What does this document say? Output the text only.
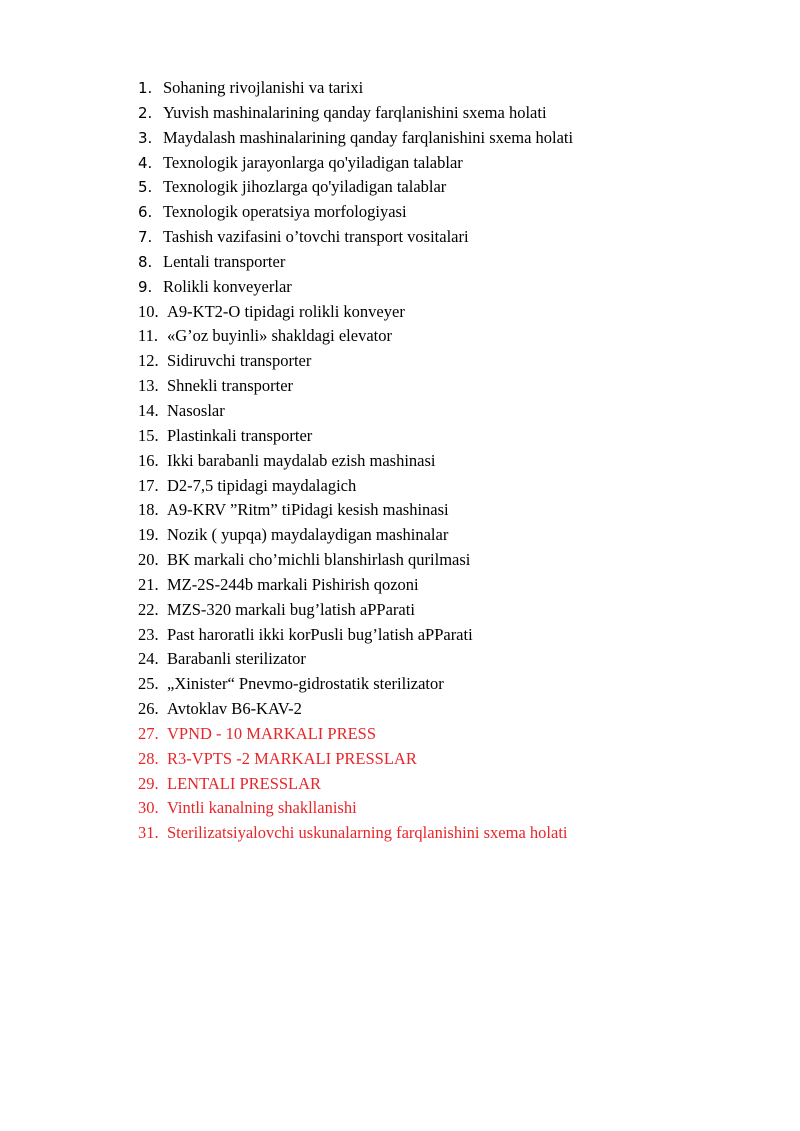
1. Sohaning rivojlanishi va tarixi
2. Yuvish mashinalarining qanday farqlanishini sxema holati
3. Maydalash mashinalarining qanday farqlanishini sxema holati
4. Texnologik jarayonlarga qo'yiladigan talablar
5. Texnologik jihozlarga qo'yiladigan talablar
6. Texnologik operatsiya morfologiyasi
7. Tashish vazifasini o’tovchi transport vositalari
8. Lentali transporter
9. Rolikli konveyerlar
10. A9-KT2-O tipidagi rolikli konveyer
11. «G’oz buyinli» shakldagi elevator
12. Sidiruvchi transporter
13. Shnekli transporter
14. Nasoslar
15. Plastinkali transporter
16. Ikki barabanli maydalab ezish mashinasi
17. D2-7,5 tipidagi maydalagich
18. A9-KRV ”Ritm” tiPidagi kesish mashinasi
19. Nozik ( yupqa) maydalaydigan mashinalar
20. BK markali cho’michli blanshirlash qurilmasi
21. MZ-2S-244b markali Pishirish qozoni
22. MZS-320 markali bug’latish aPParati
23. Past haroratli ikki korPusli bug’latish aPParati
24. Barabanli sterilizator
25. „Xinister“ Pnevmo-gidrostatik sterilizator
26. Avtoklav B6-KAV-2
27. VPND - 10 MARKALI PRESS
28. R3-VPTS -2 MARKALI PRESSLAR
29. LENTALI PRESSLAR
30. Vintli kanalning shakllanishi
31. Sterilizatsiyalovchi uskunalarning farqlanishini sxema holati
